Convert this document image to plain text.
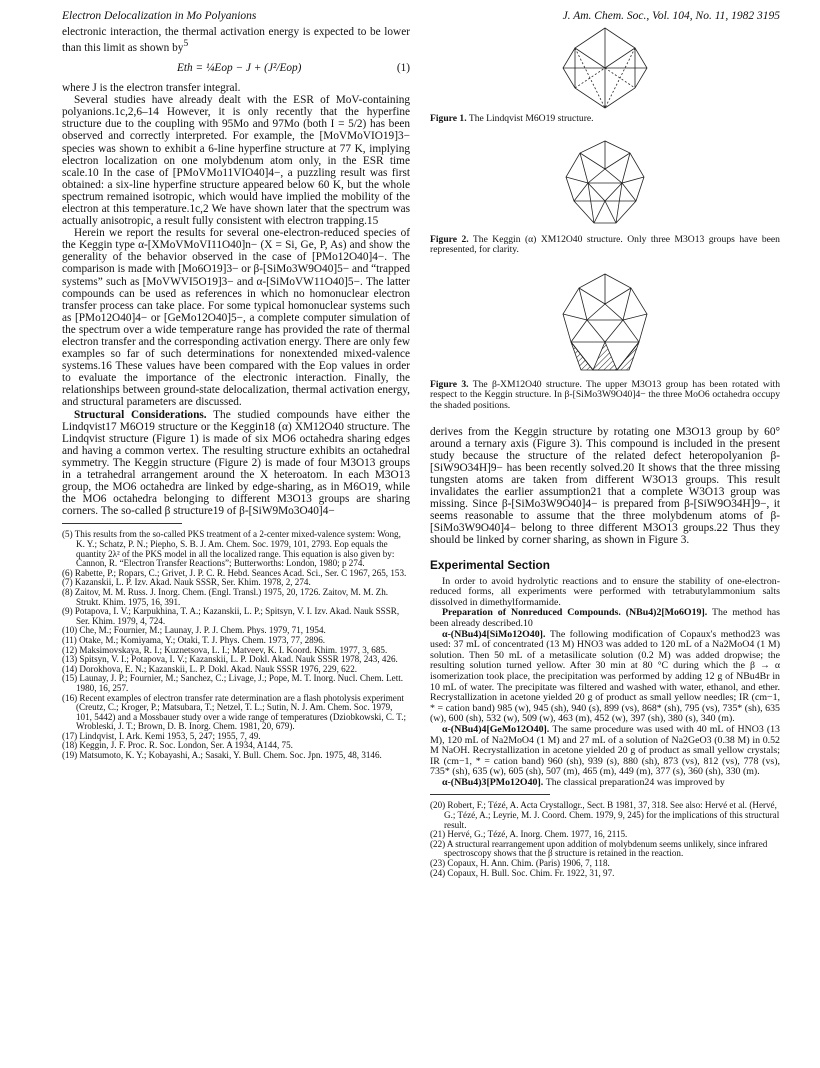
Electron Delocalization in Mo Polyanions	J. Am. Chem. Soc., Vol. 104, No. 11, 1982 3195

electronic interaction, the thermal activation energy is expected to be lower than this limit as shown $by^5$

Eth = ¼Eop − J + (J²/Eop)	(1)

where J is the electron transfer integral.

Several studies have already dealt with the ESR of MoV-containing polyanions.1c,2,6–14 However, it is only recently that the hyperfine structure due to the coupling with 95Mo and 97Mo (both I = 5/2) has been observed and correctly interpreted. For example, the [MoVMoVIO19]3− species was shown to exhibit a 6-line hyperfine structure at 77 K, implying electron localization on one molybdenum atom only, in the ESR time scale.10 In the case of [PMoVMo11VIO40]4−, a puzzling result was first obtained: a six-line hyperfine structure appeared below 60 K, but the whole spectrum remained isotropic, which would have implied the mobility of the electron at this temperature.1c,2 We have shown later that the spectrum was actually anisotropic, a result fully consistent with electron trapping.15

Herein we report the results for several one-electron-reduced species of the Keggin type α-[XMoVMoVI11O40]n− (X = Si, Ge, P, As) and show the generality of the behavior observed in the case of [PMo12O40]4−. The comparison is made with [Mo6O19]3− or β-[SiMo3W9O40]5− and “trapped systems” such as [MoVWVI5O19]3− and α-[SiMoVW11O40]5−. The latter compounds can be used as references in which no homonuclear electron transfer process can take place. For some typical homonuclear systems such as [PMo12O40]4− or [GeMo12O40]5−, a complete computer simulation of the spectrum over a wide temperature range has provided the rate of thermal electron transfer and the corresponding activation energy. There are only few examples so far of such determinations for nonextended mixed-valence systems.16 These values have been compared with the Eop values in order to evaluate the importance of the electronic interaction. Finally, the relationships between ground-state delocalization, thermal activation energy, and structural parameters are discussed.

Structural Considerations. The studied compounds have either the Lindqvist17 M6O19 structure or the Keggin18 (α) XM12O40 structure. The Lindqvist structure (Figure 1) is made of six MO6 octahedra sharing edges and having a common vertex. The resulting structure exhibits an octahedral symmetry. The Keggin structure (Figure 2) is made of four M3O13 groups in a tetrahedral arrangement around the X heteroatom. In each M3O13 group, the MO6 octahedra are linked by edge-sharing, as in M6O19, while the MO6 octahedra belonging to different M3O13 groups are sharing corners. The so-called β structure19 of β-[SiW9Mo3O40]4−

(5) This results from the so-called PKS treatment of a 2-center mixed-valence system: Wong, K. Y.; Schatz, P. N.; Piepho, S. B. J. Am. Chem. Soc. 1979, 101, 2793. Eop equals the quantity 2λ² of the PKS model in all the localized range. This equation is also given by: Cannon, R. “Electron Transfer Reactions”; Butterworths: London, 1980; p 274.

(6) Rabette, P.; Ropars, C.; Grivet, J. P. C. R. Hebd. Seances Acad. Sci., Ser. C 1967, 265, 153.

(7) Kazanskii, L. P. Izv. Akad. Nauk SSSR, Ser. Khim. 1978, 2, 274.

(8) Zaitov, M. M. Russ. J. Inorg. Chem. (Engl. Transl.) 1975, 20, 1726. Zaitov, M. M. Zh. Strukt. Khim. 1975, 16, 391.

(9) Potapova, I. V.; Karpukhina, T. A.; Kazanskii, L. P.; Spitsyn, V. I. Izv. Akad. Nauk SSSR, Ser. Khim. 1979, 4, 724.

(10) Che, M.; Fournier, M.; Launay, J. P. J. Chem. Phys. 1979, 71, 1954.

(11) Otake, M.; Komiyama, Y.; Otaki, T. J. Phys. Chem. 1973, 77, 2896.

(12) Maksimovskaya, R. I.; Kuznetsova, L. I.; Matveev, K. I. Koord. Khim. 1977, 3, 685.

(13) Spitsyn, V. I.; Potapova, I. V.; Kazanskii, L. P. Dokl. Akad. Nauk SSSR 1978, 243, 426.

(14) Dorokhova, E. N.; Kazanskii, L. P. Dokl. Akad. Nauk SSSR 1976, 229, 622.

(15) Launay, J. P.; Fournier, M.; Sanchez, C.; Livage, J.; Pope, M. T. Inorg. Nucl. Chem. Lett. 1980, 16, 257.

(16) Recent examples of electron transfer rate determination are a flash photolysis experiment (Creutz, C.; Kroger, P.; Matsubara, T.; Netzel, T. L.; Sutin, N. J. Am. Chem. Soc. 1979, 101, 5442) and a Mossbauer study over a wide range of temperatures (Dziobkowski, C. T.; Wrobleski, J. T.; Brown, D. B. Inorg. Chem. 1981, 20, 679).

(17) Lindqvist, I. Ark. Kemi 1953, 5, 247; 1955, 7, 49.

(18) Keggin, J. F. Proc. R. Soc. London, Ser. A 1934, A144, 75.

(19) Matsumoto, K. Y.; Kobayashi, A.; Sasaki, Y. Bull. Chem. Soc. Jpn. 1975, 48, 3146.

Figure 1. The Lindqvist M6O19 structure.

Figure 2. The Keggin (α) XM12O40 structure. Only three M3O13 groups have been represented, for clarity.

Figure 3. The β-XM12O40 structure. The upper M3O13 group has been rotated with respect to the Keggin structure. In β-[SiMo3W9O40]4− the three MoO6 octahedra occupy the shaded positions.

derives from the Keggin structure by rotating one M3O13 group by 60° around a ternary axis (Figure 3). This compound is included in the present study because the structure of the related defect heteropolyanion β-[SiW9O34H]9− has been recently solved.20 It shows that the three missing tungsten atoms are taken from different W3O13 groups. This result invalidates the earlier assumption21 that a complete W3O13 group was missing. Since β-[SiMo3W9O40]4− is prepared from β-[SiW9O34H]9−, it seems reasonable to assume that the three molybdenum atoms of β-[SiMo3W9O40]4− belong to three different M3O13 groups.22 Thus they should be linked by corner sharing, as shown in Figure 3.

Experimental Section

In order to avoid hydrolytic reactions and to ensure the stability of one-electron-reduced forms, all experiments were performed with tetrabutylammonium salts dissolved in dimethylformamide.

Preparation of Nonreduced Compounds. (NBu4)2[Mo6O19]. The method has been already described.10

α-(NBu4)4[SiMo12O40]. The following modification of Copaux's method23 was used: 37 mL of concentrated (13 M) HNO3 was added to 120 mL of a Na2MoO4 (1 M) solution. Then 50 mL of a metasilicate solution (0.2 M) was added dropwise; the resulting solution turned yellow. After 30 min at 80 °C during which the β → α isomerization took place, the precipitation was performed by adding 12 g of NBu4Br in 10 mL of water. The precipitate was filtered and washed with water, ethanol, and ether. Recrystallization in acetone yielded 20 g of product as small yellow needles; IR (cm−1, * = cation band) 985 (w), 945 (sh), 940 (s), 899 (vs), 868* (sh), 795 (vs), 735* (sh), 635 (w), 600 (sh), 532 (w), 509 (w), 463 (m), 452 (w), 397 (sh), 380 (s), 340 (m).

α-(NBu4)4[GeMo12O40]. The same procedure was used with 40 mL of HNO3 (13 M), 120 mL of Na2MoO4 (1 M) and 27 mL of a solution of Na2GeO3 (0.38 M) in 0.52 M NaOH. Recrystallization in acetone yielded 20 g of product as small yellow crystals; IR (cm−1, * = cation band) 960 (sh), 939 (s), 880 (sh), 873 (vs), 812 (vs), 778 (vs), 735* (sh), 635 (w), 605 (sh), 507 (m), 465 (m), 449 (m), 377 (s), 360 (sh), 330 (m).

α-(NBu4)3[PMo12O40]. The classical preparation24 was improved by

(20) Robert, F.; Tézé, A. Acta Crystallogr., Sect. B 1981, 37, 318. See also: Hervé et al. (Hervé, G.; Tézé, A.; Leyrie, M. J. Coord. Chem. 1979, 9, 245) for the implications of this structural result.

(21) Hervé, G.; Tézé, A. Inorg. Chem. 1977, 16, 2115.

(22) A structural rearrangement upon addition of molybdenum seems unlikely, since infrared spectroscopy shows that the β structure is retained in the reaction.

(23) Copaux, H. Ann. Chim. (Paris) 1906, 7, 118.

(24) Copaux, H. Bull. Soc. Chim. Fr. 1922, 31, 97.
